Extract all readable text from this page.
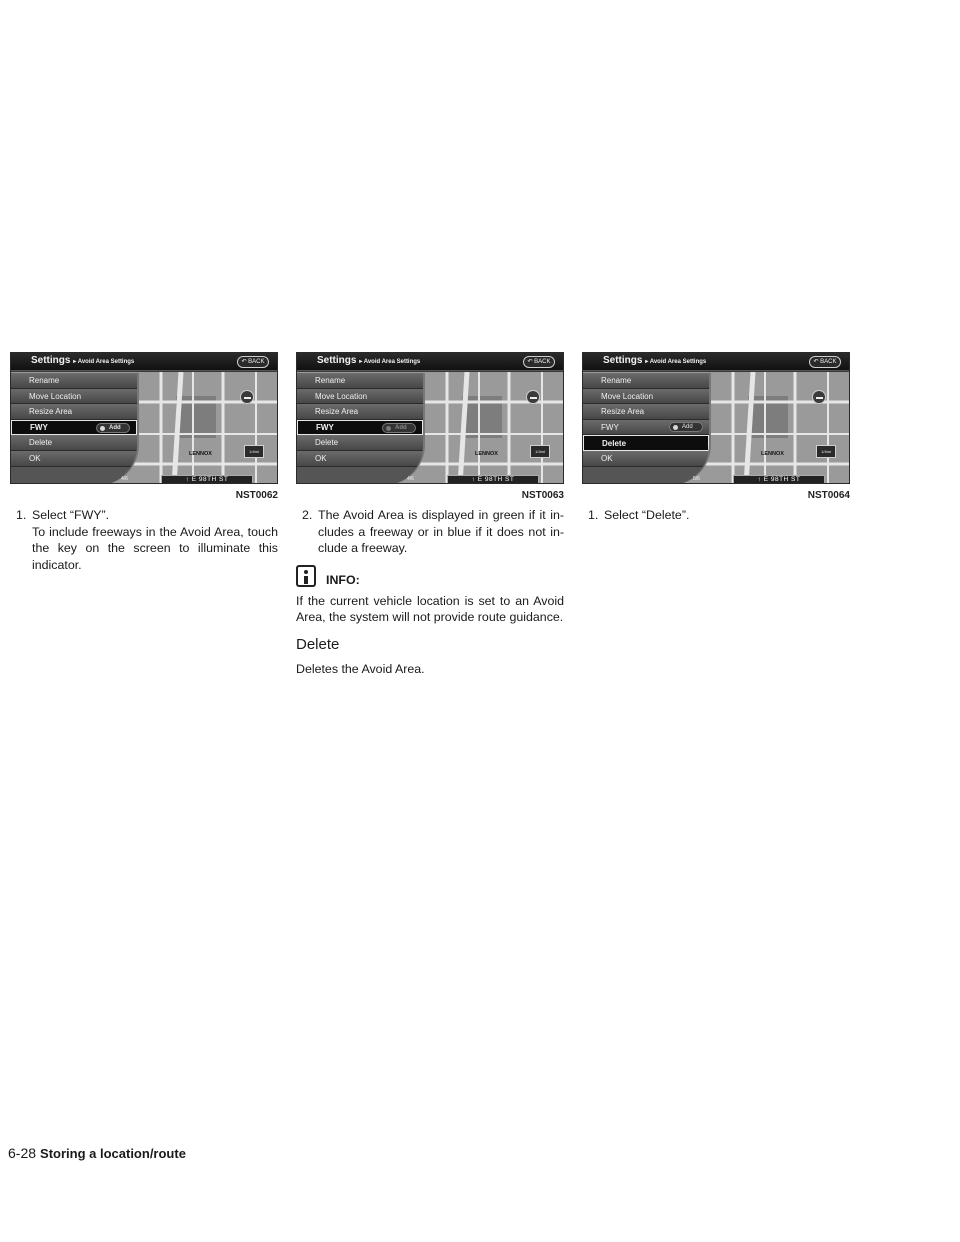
Settings ▸ Avoid Area Settings	↶ BACK
Rename
Move Location
Resize Area
FWY	Add
Delete
OK	LENNOX	1/4mi
4/6	↑ E 98TH ST
NST0062
1. Select “FWY”.
To include freeways in the Avoid Area, touch the key on the screen to illuminate this indicator.
Settings ▸ Avoid Area Settings	↶ BACK
Rename
Move Location
Resize Area
FWY	Add
Delete
OK	LENNOX	1/4mi
4/6	↑ E 98TH ST
NST0063
2. The Avoid Area is displayed in green if it in- cludes a freeway or in blue if it does not in- clude a freeway.
INFO:
If the current vehicle location is set to an Avoid Area, the system will not provide route guidance.
Delete
Deletes the Avoid Area.
Settings ▸ Avoid Area Settings	↶ BACK
Rename
Move Location
Resize Area
FWY	Add
Delete
OK	LENNOX	1/4mi
5/6	↑ E 98TH ST
NST0064
1. Select “Delete”.
6-28 Storing a location/route
